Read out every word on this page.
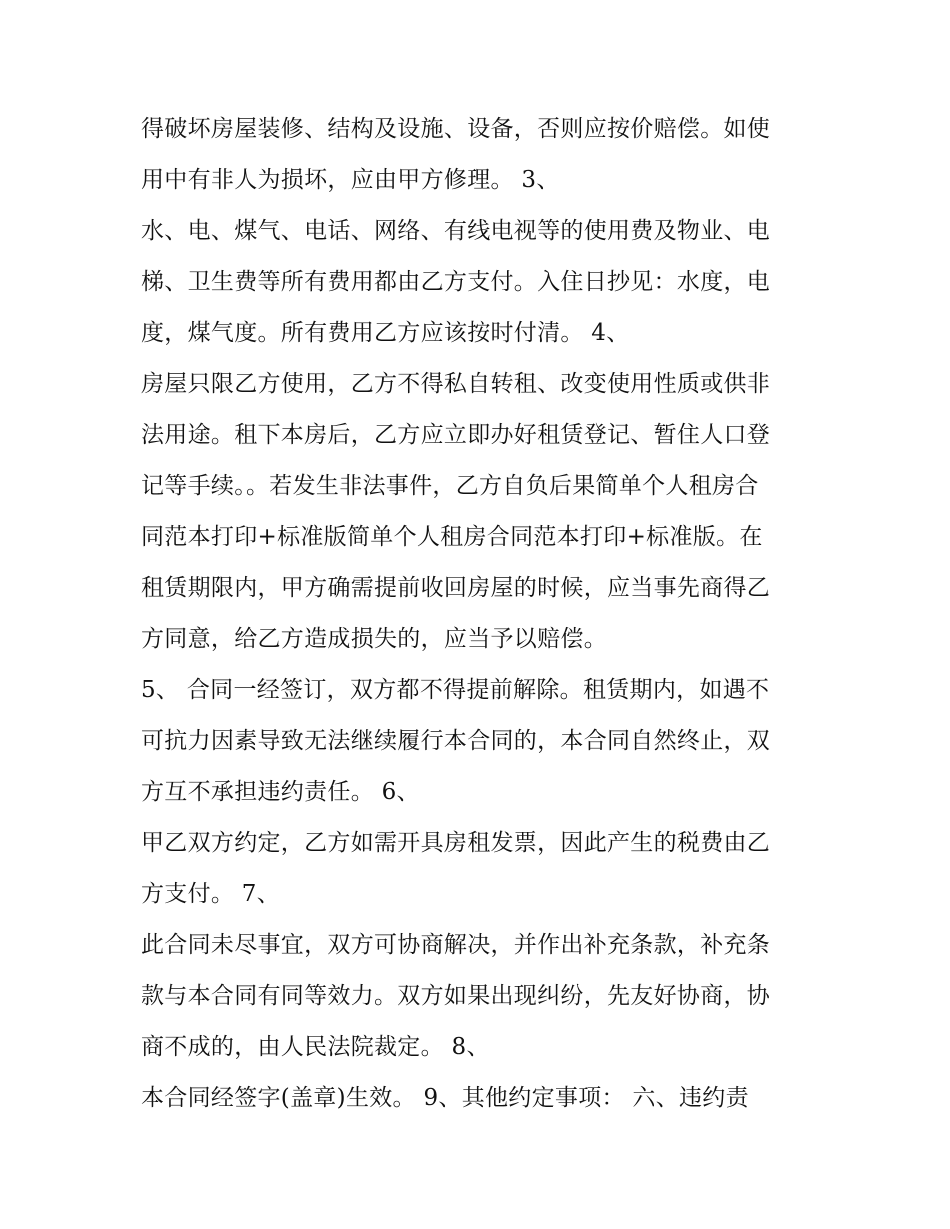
得破坏房屋装修、结构及设施、设备，否则应按价赔偿。如使
用中有非人为损坏，应由甲方修理。 3、
水、电、煤气、电话、网络、有线电视等的使用费及物业、电
梯、卫生费等所有费用都由乙方支付。入住日抄见：水度，电
度，煤气度。所有费用乙方应该按时付清。 4、
房屋只限乙方使用，乙方不得私自转租、改变使用性质或供非
法用途。租下本房后，乙方应立即办好租赁登记、暂住人口登
记等手续。。若发生非法事件，乙方自负后果简单个人租房合
同范本打印+标准版简单个人租房合同范本打印+标准版。在
租赁期限内，甲方确需提前收回房屋的时候，应当事先商得乙
方同意，给乙方造成损失的，应当予以赔偿。
5、 合同一经签订，双方都不得提前解除。租赁期内，如遇不
可抗力因素导致无法继续履行本合同的，本合同自然终止，双
方互不承担违约责任。 6、
甲乙双方约定，乙方如需开具房租发票，因此产生的税费由乙
方支付。 7、
此合同未尽事宜，双方可协商解决，并作出补充条款，补充条
款与本合同有同等效力。双方如果出现纠纷，先友好协商，协
商不成的，由人民法院裁定。 8、
本合同经签字(盖章)生效。 9、其他约定事项： 六、违约责
